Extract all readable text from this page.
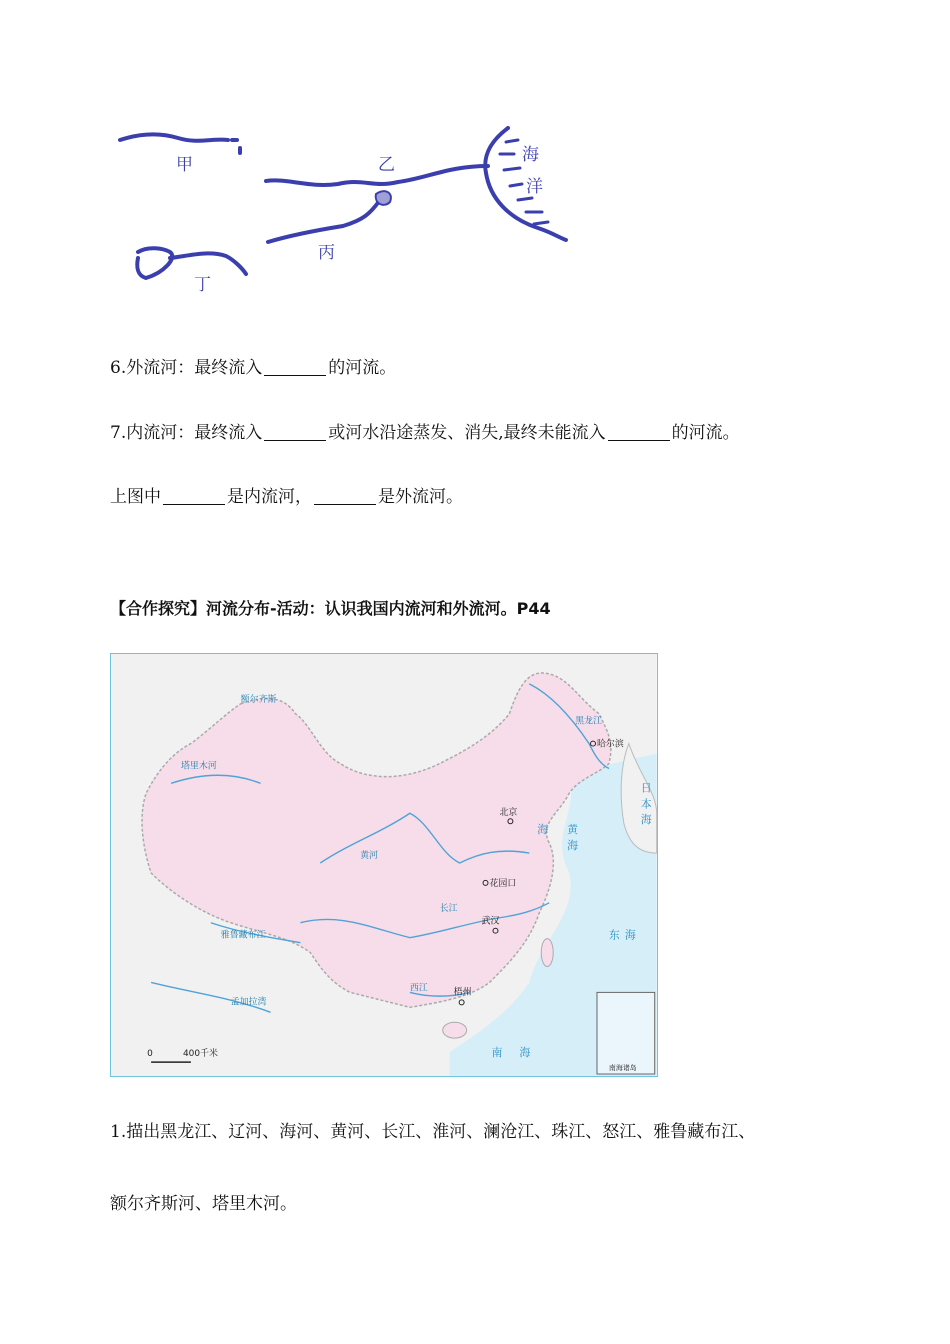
甲	乙
丙
丁
海
洋
6.外流河：最终流入	的河流。
7.内流河：最终流入	或河水沿途蒸发、消失,最终未能流入	的河流。
上图中	是内流河，	是外流河。
【合作探究】河流分布-活动：认识我国内流河和外流河。P44
南海诸岛
0	400千米
哈尔滨
北京
花园口
武汉
梧州
黑龙江
塔里木河
雅鲁藏布江
黄河
长江
孟加拉湾
额尔齐斯
西江
黄
海
海
东 海
南 海
日
本
海
1.描出黑龙江、辽河、海河、黄河、长江、淮河、澜沧江、珠江、怒江、雅鲁藏布江、
额尔齐斯河、塔里木河。
